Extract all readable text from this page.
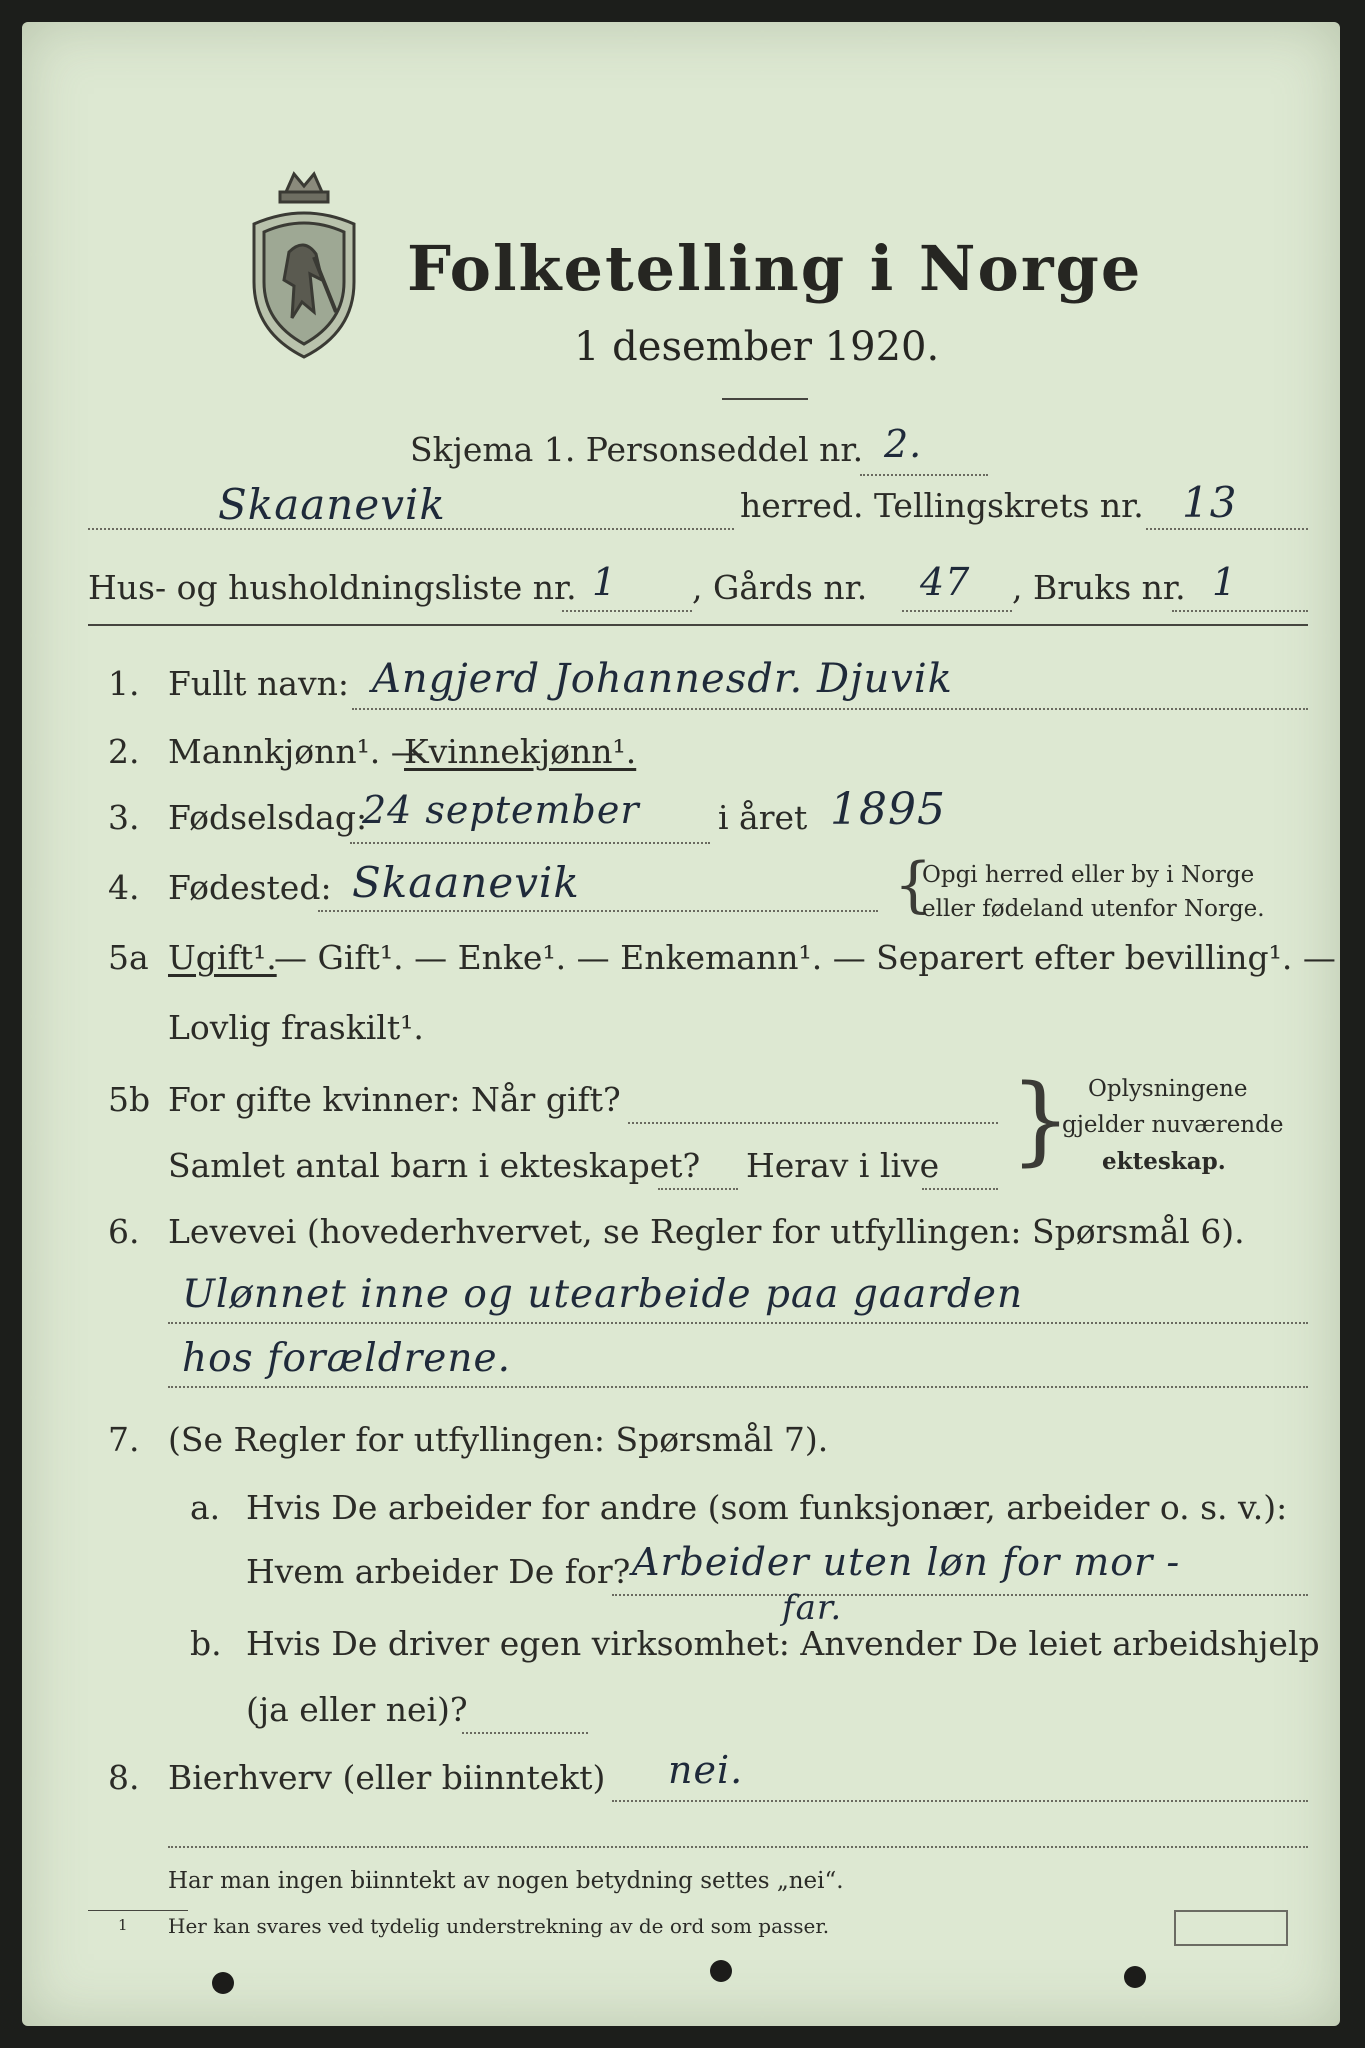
Folketelling i Norge
1 desember 1920.
Skjema 1. Personseddel nr. 2.
Skaanevik	herred. Tellingskrets nr. 13
Hus- og husholdningsliste nr. 1 , Gårds nr. 47 , Bruks nr. 1
1. Fullt navn: Angjerd Johannesdr. Djuvik
2. Mannkjønn¹. —
Kvinnekjønn¹.
3. Fødselsdag:
24 september i året 1895
4. Fødested: Skaanevik	{
Opgi herred eller by i Norge
eller fødeland utenfor Norge.
5a Ugift¹.
— Gift¹. — Enke¹. — Enkemann¹. — Separert efter bevilling¹. —
Lovlig fraskilt¹.
5b For gifte kvinner: Når gift?
Samlet antal barn i ekteskapet? Herav i live } Oplysningene
gjelder nuværende
ekteskap.
6. Levevei (hovederhvervet, se Regler for utfyllingen: Spørsmål 6).
Ulønnet inne og utearbeide paa gaarden
hos forældrene.
7. (Se Regler for utfyllingen: Spørsmål 7).
a. Hvis De arbeider for andre (som funksjonær, arbeider o. s. v.):
Hvem arbeider De for? Arbeider uten løn for mor -
far.
b. Hvis De driver egen virksomhet: Anvender De leiet arbeidshjelp
(ja eller nei)?
8. Bierhverv (eller biinntekt) nei.
Har man ingen biinntekt av nogen betydning settes „nei“.
1 Her kan svares ved tydelig understrekning av de ord som passer.
